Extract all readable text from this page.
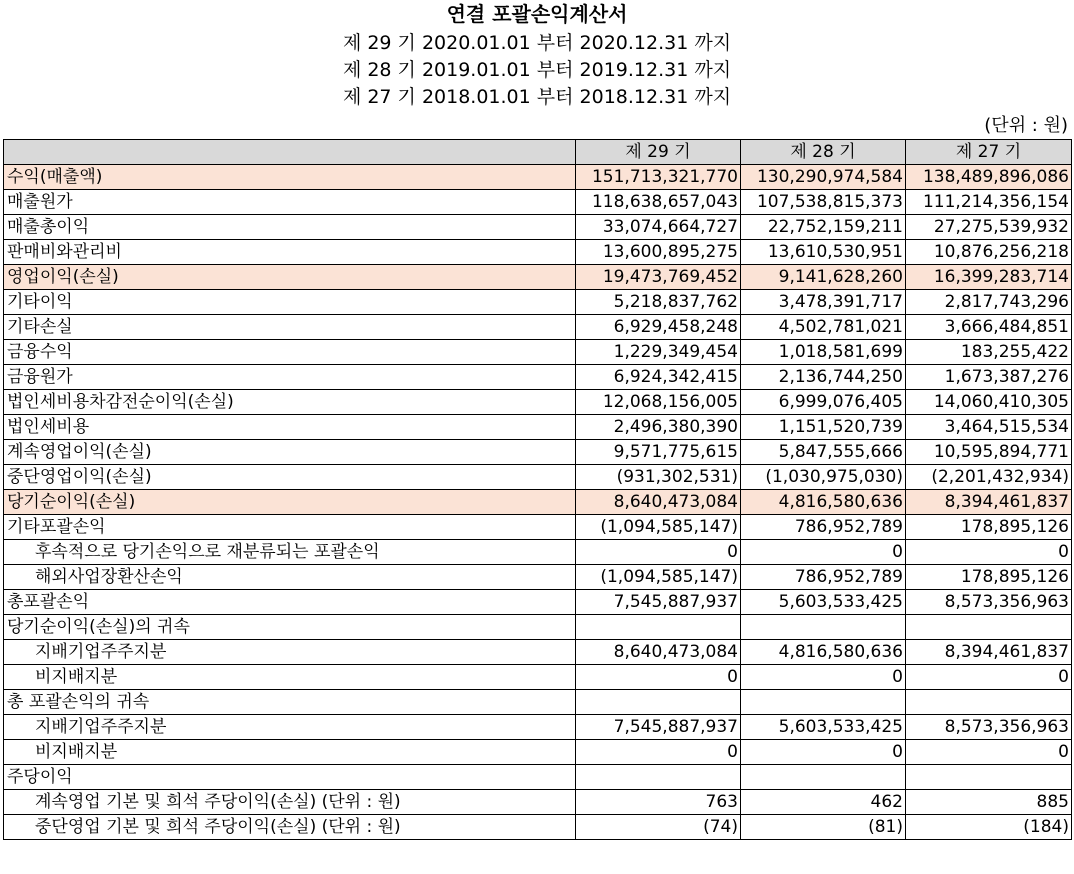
연결 포괄손익계산서
제 29 기 2020.01.01 부터 2020.12.31 까지
제 28 기 2019.01.01 부터 2019.12.31 까지
제 27 기 2018.01.01 부터 2018.12.31 까지
(단위 : 원)
	제 29 기	제 28 기	제 27 기
수익(매출액)	151,713,321,770	130,290,974,584	138,489,896,086
매출원가	118,638,657,043	107,538,815,373	111,214,356,154
매출총이익	33,074,664,727	22,752,159,211	27,275,539,932
판매비와관리비	13,600,895,275	13,610,530,951	10,876,256,218
영업이익(손실)	19,473,769,452	9,141,628,260	16,399,283,714
기타이익	5,218,837,762	3,478,391,717	2,817,743,296
기타손실	6,929,458,248	4,502,781,021	3,666,484,851
금융수익	1,229,349,454	1,018,581,699	183,255,422
금융원가	6,924,342,415	2,136,744,250	1,673,387,276
법인세비용차감전순이익(손실)	12,068,156,005	6,999,076,405	14,060,410,305
법인세비용	2,496,380,390	1,151,520,739	3,464,515,534
계속영업이익(손실)	9,571,775,615	5,847,555,666	10,595,894,771
중단영업이익(손실)	(931,302,531)	(1,030,975,030)	(2,201,432,934)
당기순이익(손실)	8,640,473,084	4,816,580,636	8,394,461,837
기타포괄손익	(1,094,585,147)	786,952,789	178,895,126
후속적으로 당기손익으로 재분류되는 포괄손익	0	0	0
해외사업장환산손익	(1,094,585,147)	786,952,789	178,895,126
총포괄손익	7,545,887,937	5,603,533,425	8,573,356,963
당기순이익(손실)의 귀속			
지배기업주주지분	8,640,473,084	4,816,580,636	8,394,461,837
비지배지분	0	0	0
총 포괄손익의 귀속			
지배기업주주지분	7,545,887,937	5,603,533,425	8,573,356,963
비지배지분	0	0	0
주당이익			
계속영업 기본 및 희석 주당이익(손실) (단위 : 원)	763	462	885
중단영업 기본 및 희석 주당이익(손실) (단위 : 원)	(74)	(81)	(184)
